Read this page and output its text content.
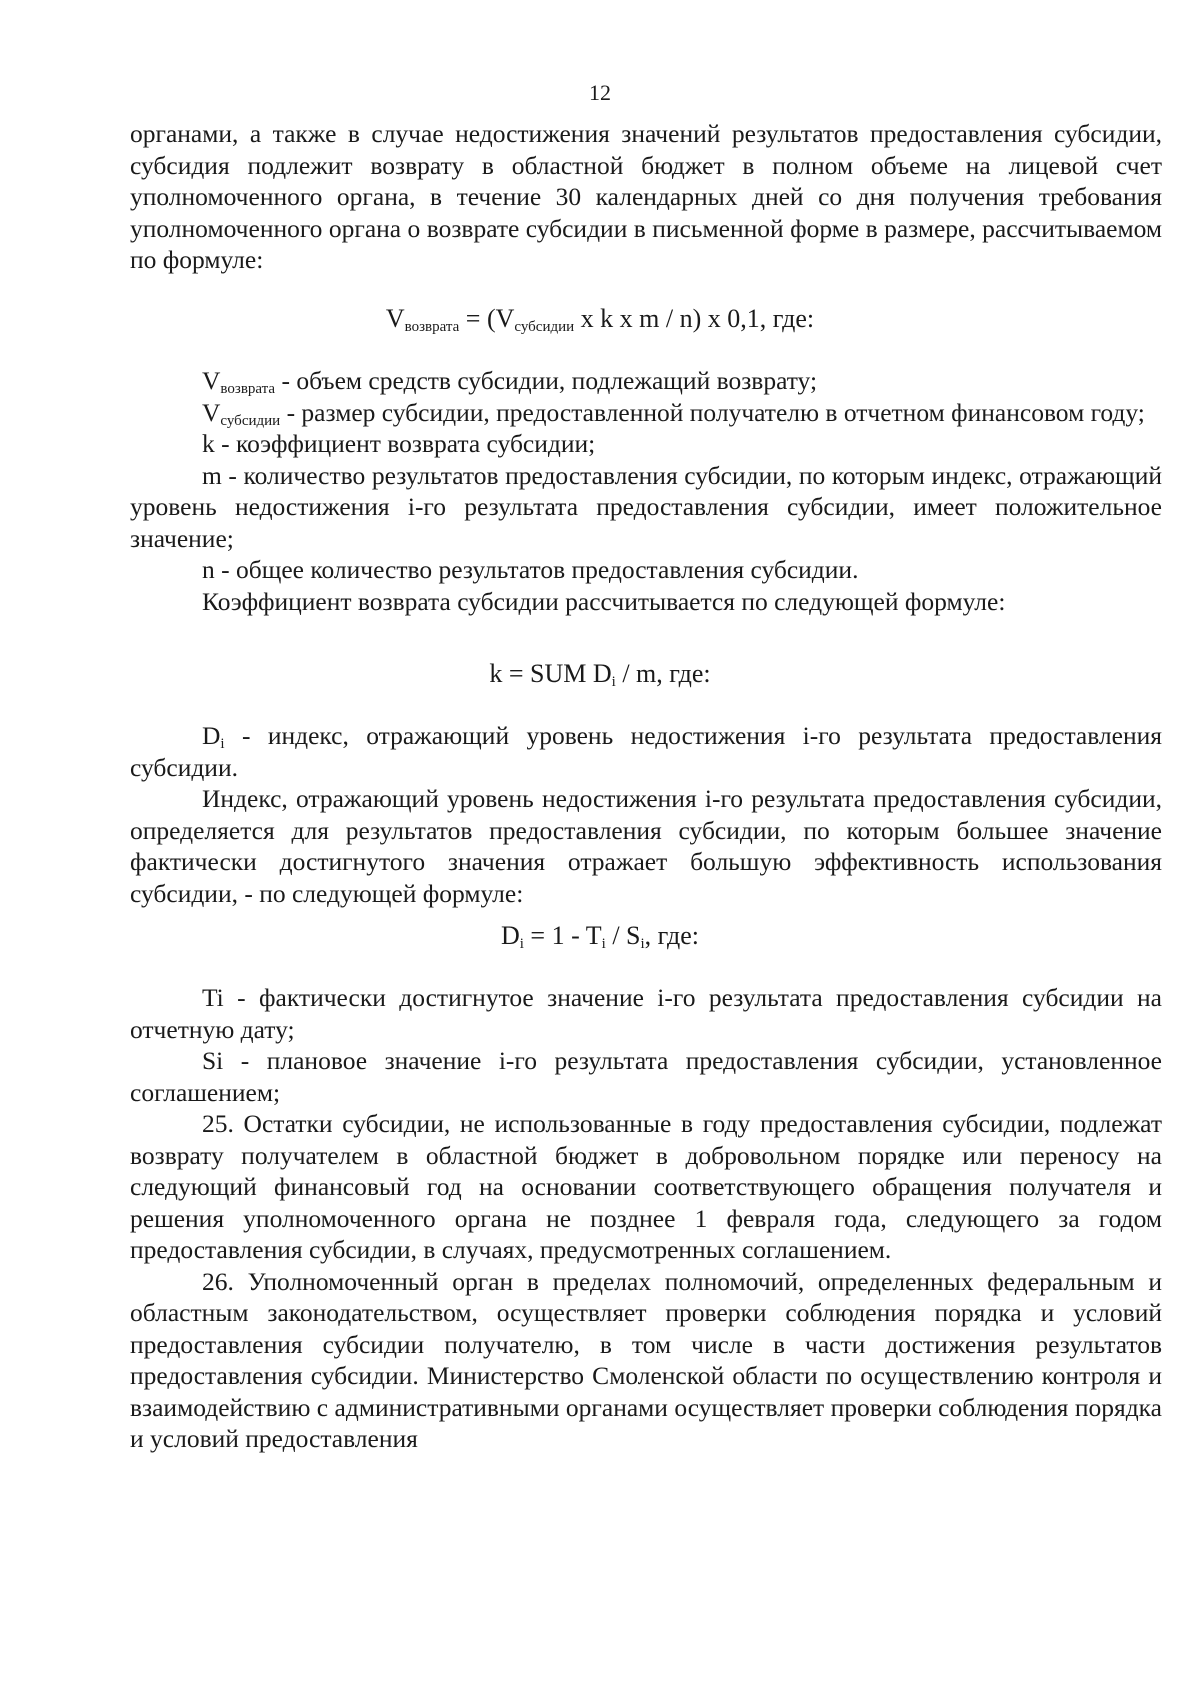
12

органами, а также в случае недостижения значений результатов предоставления субсидии, субсидия подлежит возврату в областной бюджет в полном объеме на лицевой счет уполномоченного органа, в течение 30 календарных дней со дня получения требования уполномоченного органа о возврате субсидии в письменной форме в размере, рассчитываемом по формуле:

$V_{возврата} = (V_{субсидии}$ x k x m / n) x 0,1, где:

$V_{возврата}$ - объем средств субсидии, подлежащий возврату;

$V_{субсидии}$ - размер субсидии, предоставленной получателю в отчетном финансовом году;

k - коэффициент возврата субсидии;

m - количество результатов предоставления субсидии, по которым индекс, отражающий уровень недостижения i-го результата предоставления субсидии, имеет положительное значение;

n - общее количество результатов предоставления субсидии.

Коэффициент возврата субсидии рассчитывается по следующей формуле:

k = SUM $D_i$ / m, где:

$D_i$ - индекс, отражающий уровень недостижения i-го результата предоставления субсидии.

Индекс, отражающий уровень недостижения i-го результата предоставления субсидии, определяется для результатов предоставления субсидии, по которым большее значение фактически достигнутого значения отражает большую эффективность использования субсидии, - по следующей формуле:

$D_i = 1 - T_i / S_i$, где:

Ti - фактически достигнутое значение i-го результата предоставления субсидии на отчетную дату;

Si - плановое значение i-го результата предоставления субсидии, установленное соглашением;

25. Остатки субсидии, не использованные в году предоставления субсидии, подлежат возврату получателем в областной бюджет в добровольном порядке или переносу на следующий финансовый год на основании соответствующего обращения получателя и решения уполномоченного органа не позднее 1 февраля года, следующего за годом предоставления субсидии, в случаях, предусмотренных соглашением.

26. Уполномоченный орган в пределах полномочий, определенных федеральным и областным законодательством, осуществляет проверки соблюдения порядка и условий предоставления субсидии получателю, в том числе в части достижения результатов предоставления субсидии. Министерство Смоленской области по осуществлению контроля и взаимодействию с административными органами осуществляет проверки соблюдения порядка и условий предоставления
